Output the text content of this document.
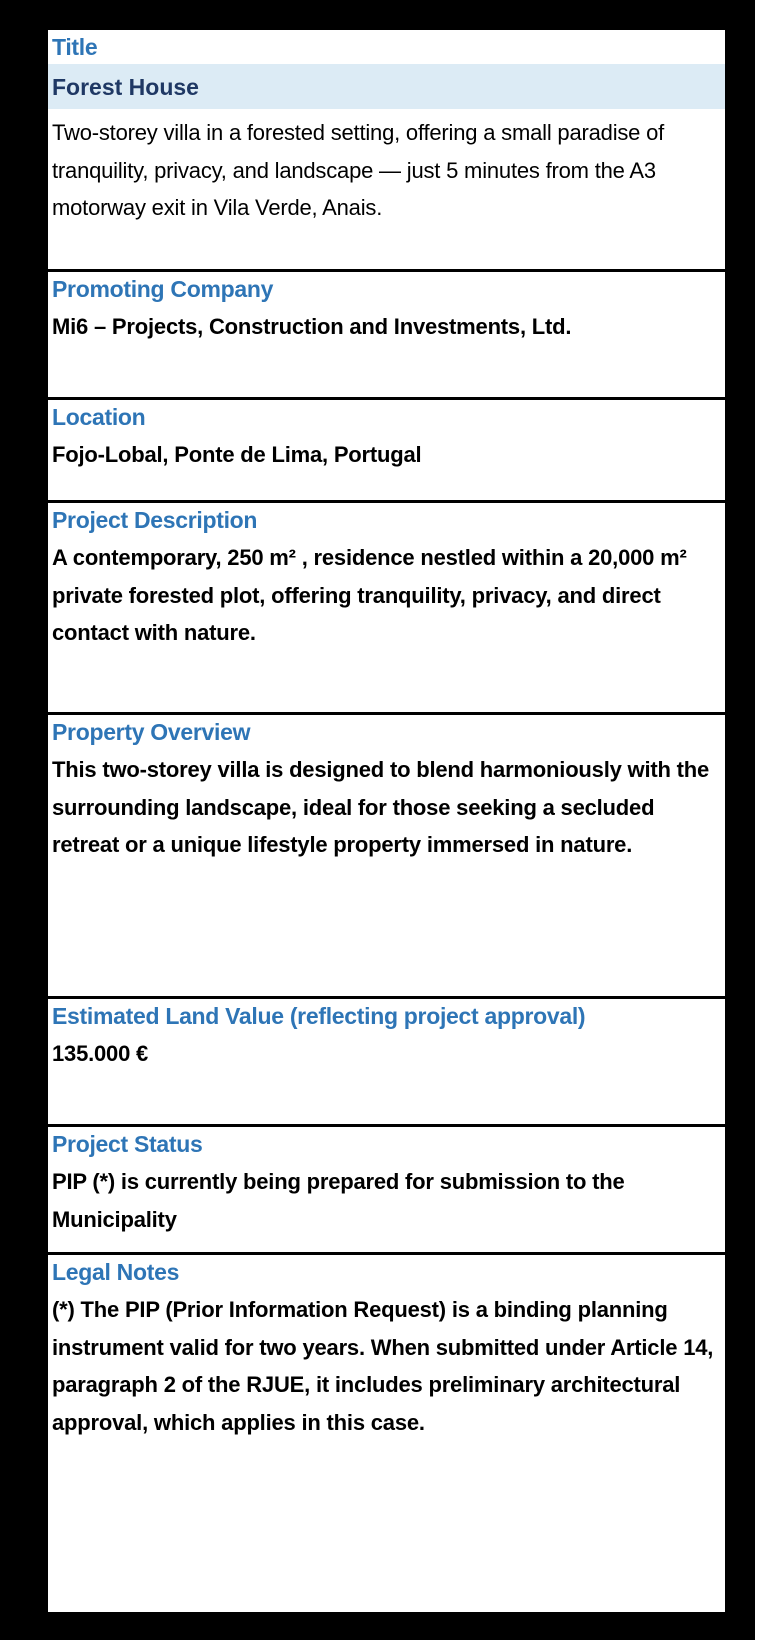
Title
Forest House
Two-storey villa in a forested setting, offering a small paradise of tranquility, privacy, and landscape — just 5 minutes from the A3 motorway exit in Vila Verde, Anais.
Promoting Company
Mi6 – Projects, Construction and Investments, Ltd.
Location
Fojo-Lobal, Ponte de Lima, Portugal
Project Description
A contemporary, 250 m² , residence nestled within a 20,000 m² private forested plot, offering tranquility, privacy, and direct contact with nature.
Property Overview
This two-storey villa is designed to blend harmoniously with the surrounding landscape, ideal for those seeking a secluded retreat or a unique lifestyle property immersed in nature.
Estimated Land Value (reflecting project approval)
135.000 €
Project Status
PIP (*) is currently being prepared for submission to the Municipality
Legal Notes
(*) The PIP (Prior Information Request) is a binding planning instrument valid for two years. When submitted under Article 14, paragraph 2 of the RJUE, it includes preliminary architectural approval, which applies in this case.
